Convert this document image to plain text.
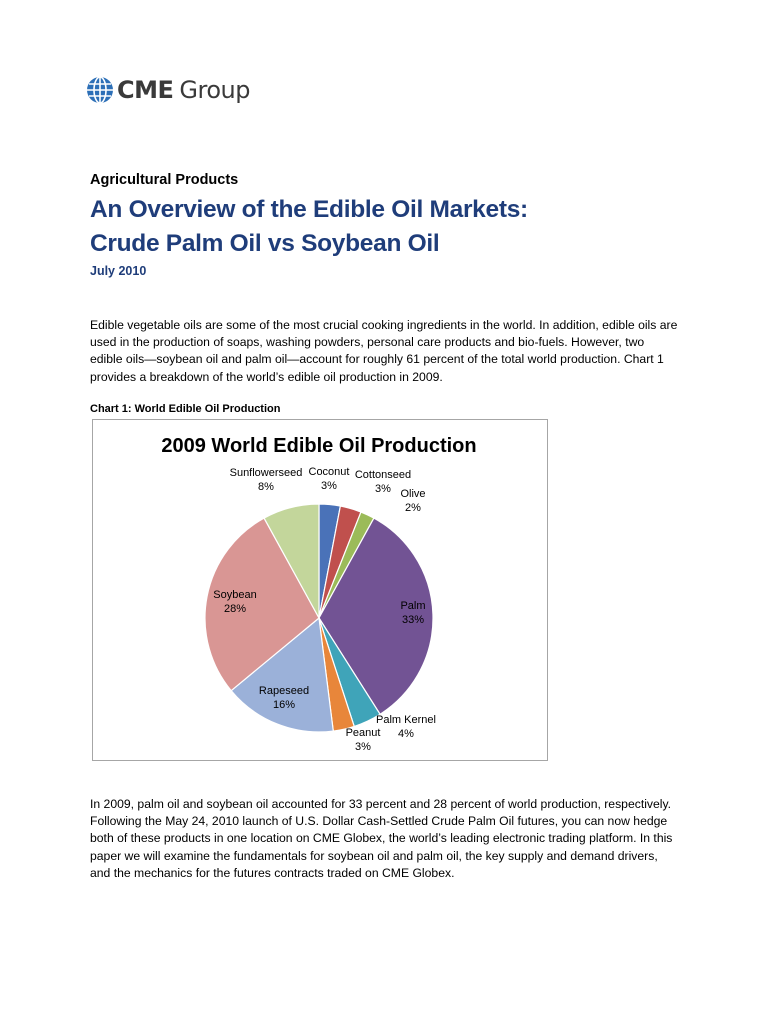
CME Group
Agricultural Products
An Overview of the Edible Oil Markets:
Crude Palm Oil vs Soybean Oil
July 2010

Edible vegetable oils are some of the most crucial cooking ingredients in the world. In addition, edible oils are used in the production of soaps, washing powders, personal care products and bio-fuels. However, two edible oils—soybean oil and palm oil—account for roughly 61 percent of the total world production. Chart 1 provides a breakdown of the world’s edible oil production in 2009.

Chart 1: World Edible Oil Production
2009 World Edible Oil Production
Coconut
3%
Cottonseed
3% Olive
2%
Palm
33%
Palm Kernel
4%
Peanut
3%
Rapeseed
16%
Soybean
28%
Sunflowerseed
8%

In 2009, palm oil and soybean oil accounted for 33 percent and 28 percent of world production, respectively. Following the May 24, 2010 launch of U.S. Dollar Cash-Settled Crude Palm Oil futures, you can now hedge both of these products in one location on CME Globex, the world’s leading electronic trading platform. In this paper we will examine the fundamentals for soybean oil and palm oil, the key supply and demand drivers, and the mechanics for the futures contracts traded on CME Globex.
